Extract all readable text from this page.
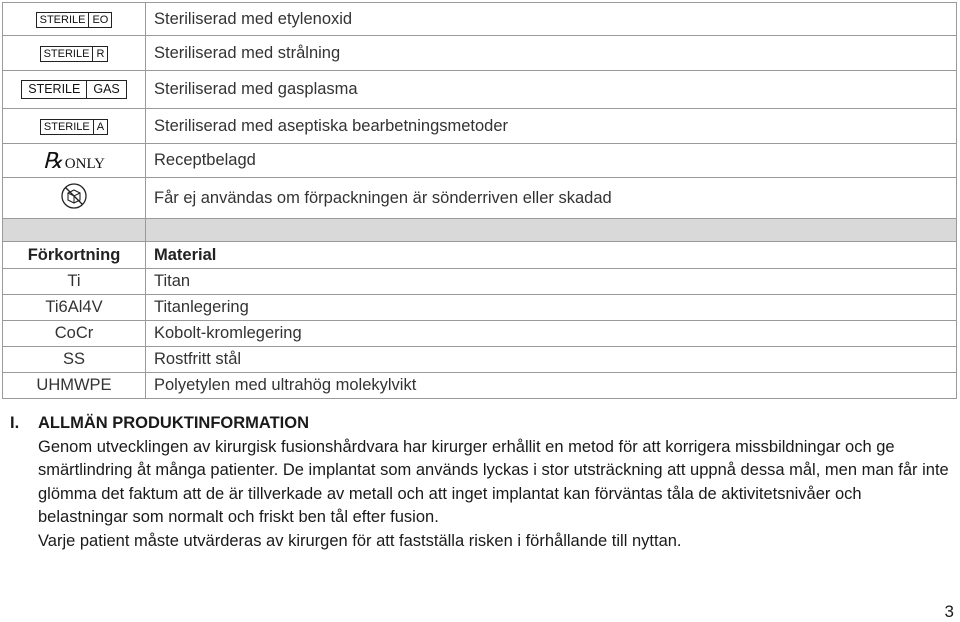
STERILE EO	Steriliserad med etylenoxid

STERILE R	Steriliserad med strålning

STERILE GAS	Steriliserad med gasplasma

STERILE A	Steriliserad med aseptiska bearbetningsmetoder
℞ ONLY	Receptbelagd
	Får ej användas om förpackningen är sönderriven eller skadad

Förkortning	Material
Ti	Titan
Ti6Al4V	Titanlegering
CoCr	Kobolt-kromlegering
SS	Rostfritt stål
UHMWPE	Polyetylen med ultrahög molekylvikt
I.	ALLMÄN PRODUKTINFORMATION

Genom utvecklingen av kirurgisk fusionshårdvara har kirurger erhållit en metod för att korrigera missbildningar och ge smärtlindring åt många patienter. De implantat som används lyckas i stor utsträckning att uppnå dessa mål, men man får inte glömma det faktum att de är tillverkade av metall och att inget implantat kan förväntas tåla de aktivitetsnivåer och belastningar som normalt och friskt ben tål efter fusion.

Varje patient måste utvärderas av kirurgen för att fastställa risken i förhållande till nyttan.

3
